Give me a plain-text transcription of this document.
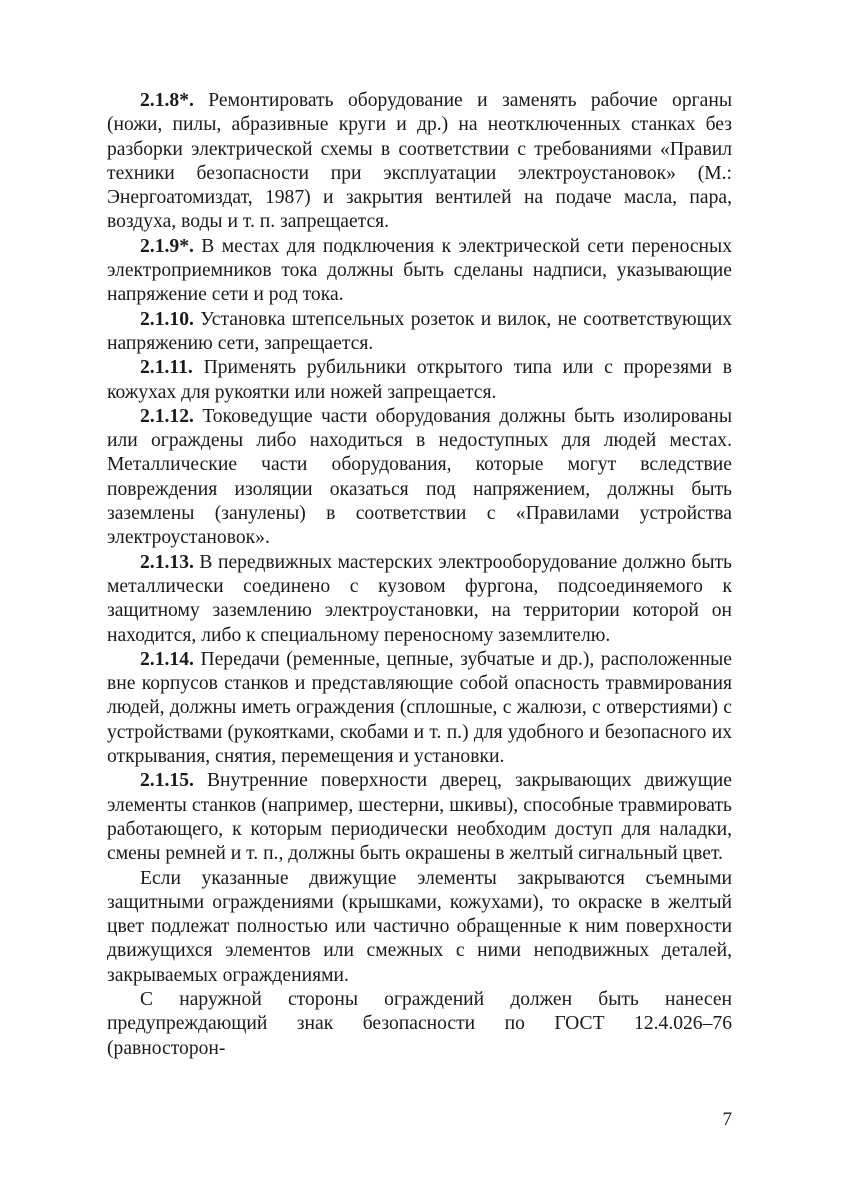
2.1.8*. Ремонтировать оборудование и заменять рабочие органы (ножи, пилы, абразивные круги и др.) на неотключенных станках без разборки электрической схемы в соответствии с требованиями «Правил техники безопасности при эксплуатации электроустановок» (М.: Энергоатомиздат, 1987) и закрытия вентилей на подаче масла, пара, воздуха, воды и т. п. запрещается.

2.1.9*. В местах для подключения к электрической сети переносных электроприемников тока должны быть сделаны надписи, указывающие напряжение сети и род тока.

2.1.10. Установка штепсельных розеток и вилок, не соответствующих напряжению сети, запрещается.

2.1.11. Применять рубильники открытого типа или с прорезями в кожухах для рукоятки или ножей запрещается.

2.1.12. Токоведущие части оборудования должны быть изолированы или ограждены либо находиться в недоступных для людей местах. Металлические части оборудования, которые могут вследствие повреждения изоляции оказаться под напряжением, должны быть заземлены (занулены) в соответствии с «Правилами устройства электроустановок».

2.1.13. В передвижных мастерских электрооборудование должно быть металлически соединено с кузовом фургона, подсоединяемого к защитному заземлению электроустановки, на территории которой он находится, либо к специальному переносному заземлителю.

2.1.14. Передачи (ременные, цепные, зубчатые и др.), расположенные вне корпусов станков и представляющие собой опасность травмирования людей, должны иметь ограждения (сплошные, с жалюзи, с отверстиями) с устройствами (рукоятками, скобами и т. п.) для удобного и безопасного их открывания, снятия, перемещения и установки.

2.1.15. Внутренние поверхности дверец, закрывающих движущие элементы станков (например, шестерни, шкивы), способные травмировать работающего, к которым периодически необходим доступ для наладки, смены ремней и т. п., должны быть окрашены в желтый сигнальный цвет.

Если указанные движущие элементы закрываются съемными защитными ограждениями (крышками, кожухами), то окраске в желтый цвет подлежат полностью или частично обращенные к ним поверхности движущихся элементов или смежных с ними неподвижных деталей, закрываемых ограждениями.

С наружной стороны ограждений должен быть нанесен предупреждающий знак безопасности по ГОСТ 12.4.026–76 (равносторон-

7
